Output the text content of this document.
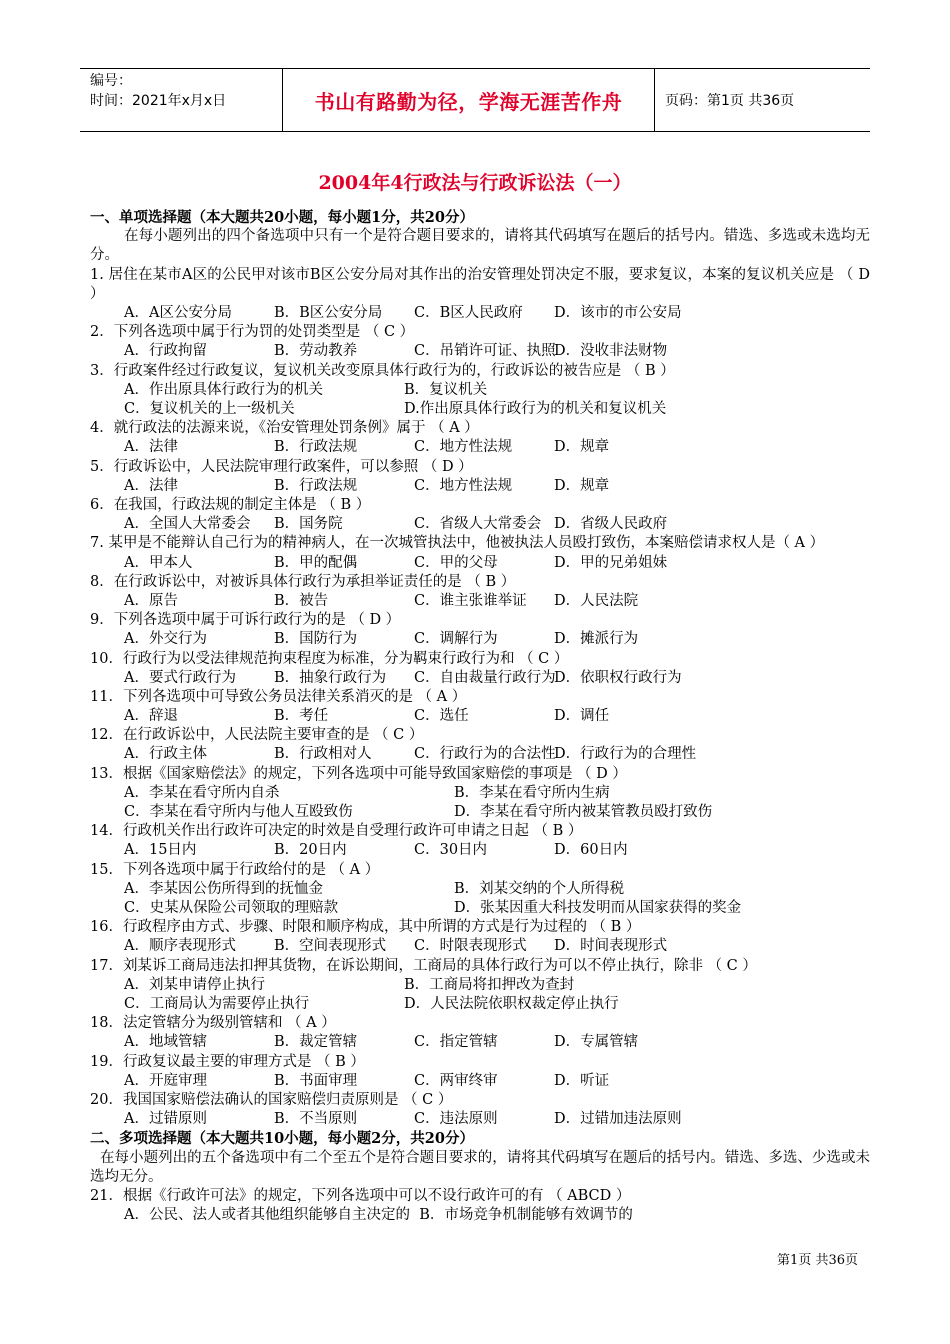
编号：
时间：2021年x月x日	书山有路勤为径，学海无涯苦作舟	页码：第1页 共36页
2004年4行政法与行政诉讼法（一）
一、单项选择题（本大题共20小题，每小题1分，共20分）
在每小题列出的四个备选项中只有一个是符合题目要求的，请将其代码填写在题后的括号内。错选、多选或未选均无分。
1. 居住在某市A区的公民甲对该市B区公安分局对其作出的治安管理处罚决定不服，要求复议，本案的复议机关应是 （ D ）
A．A区公安分局	B．B区公安分局	C．B区人民政府	D．该市的市公安局
2．下列各选项中属于行为罚的处罚类型是 （ C ）
A．行政拘留	B．劳动教养	C．吊销许可证、执照
D．没收非法财物
3．行政案件经过行政复议，复议机关改变原具体行政行为的，行政诉讼的被告应是 （ B ）
A．作出原具体行政行为的机关	B．复议机关
C．复议机关的上一级机关	D.作出原具体行政行为的机关和复议机关
4．就行政法的法源来说，《治安管理处罚条例》属于 （ A ）
A．法律	B．行政法规	C．地方性法规	D．规章
5．行政诉讼中，人民法院审理行政案件，可以参照 （ D ）
A．法律	B．行政法规	C．地方性法规	D．规章
6．在我国，行政法规的制定主体是 （ B ）
A．全国人大常委会	B．国务院	C．省级人大常委会 D．省级人民政府
7. 某甲是不能辩认自己行为的精神病人，在一次城管执法中，他被执法人员殴打致伤，本案赔偿请求权人是（ A ）
A．甲本人	B．甲的配偶	C．甲的父母	D．甲的兄弟姐妹
8．在行政诉讼中，对被诉具体行政行为承担举证责任的是 （ B ）
A．原告	B．被告	C．谁主张谁举证	D．人民法院
9．下列各选项中属于可诉行政行为的是 （ D ）
A．外交行为	B．国防行为	C．调解行为	D．摊派行为
10．行政行为以受法律规范拘束程度为标准，分为羁束行政行为和 （ C ）
A．要式行政行为	B．抽象行政行为	C．自由裁量行政行为
D．依职权行政行为
11．下列各选项中可导致公务员法律关系消灭的是 （ A ）
A．辞退	B．考任	C．选任	D．调任
12．在行政诉讼中，人民法院主要审查的是 （ C ）
A．行政主体	B．行政相对人	C．行政行为的合法性
D．行政行为的合理性
13．根据《国家赔偿法》的规定，下列各选项中可能导致国家赔偿的事项是 （ D ）
A．李某在看守所内自杀	B．李某在看守所内生病
C．李某在看守所内与他人互殴致伤	D．李某在看守所内被某管教员殴打致伤
14．行政机关作出行政许可决定的时效是自受理行政许可申请之日起 （ B ）
A．15日内	B．20日内	C．30日内	D．60日内
15．下列各选项中属于行政给付的是 （ A ）
A．李某因公伤所得到的抚恤金	B．刘某交纳的个人所得税
C．史某从保险公司领取的理赔款	D．张某因重大科技发明而从国家获得的奖金
16．行政程序由方式、步骤、时限和顺序构成，其中所谓的方式是行为过程的 （ B ）
A．顺序表现形式	B．空间表现形式	C．时限表现形式	D．时间表现形式
17．刘某诉工商局违法扣押其货物，在诉讼期间，工商局的具体行政行为可以不停止执行，除非 （ C ）
A．刘某申请停止执行	B．工商局将扣押改为查封
C．工商局认为需要停止执行	D．人民法院依职权裁定停止执行
18．法定管辖分为级别管辖和 （ A ）
A．地域管辖	B．裁定管辖	C．指定管辖	D．专属管辖
19．行政复议最主要的审理方式是 （ B ）
A．开庭审理	B．书面审理	C．两审终审	D．听证
20．我国国家赔偿法确认的国家赔偿归责原则是 （ C ）
A．过错原则	B．不当原则	C．违法原则	D．过错加违法原则
二、多项选择题（本大题共10小题，每小题2分，共20分）
在每小题列出的五个备选项中有二个至五个是符合题目要求的，请将其代码填写在题后的括号内。错选、多选、少选或未选均无分。
21．根据《行政许可法》的规定，下列各选项中可以不设行政许可的有 （ ABCD ）
A．公民、法人或者其他组织能够自主决定的  B．市场竞争机制能够有效调节的
第1页 共36页
